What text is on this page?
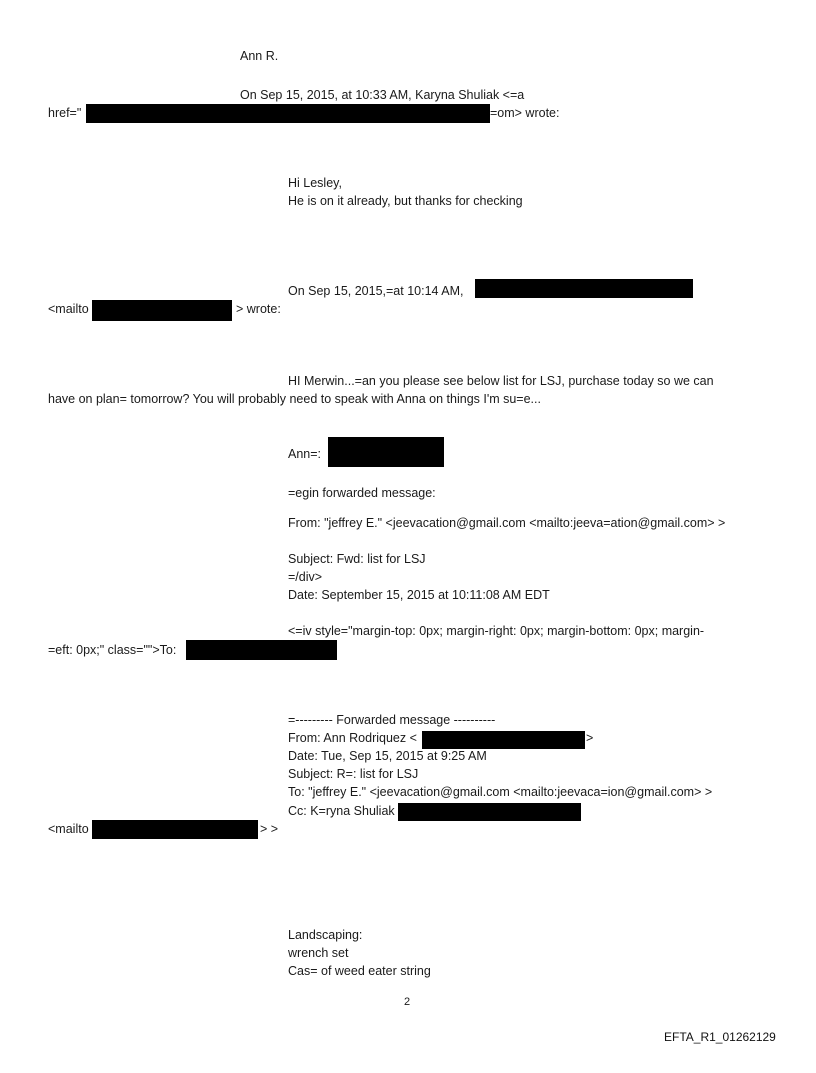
Ann R.
On Sep 15, 2015, at 10:33 AM, Karyna Shuliak <=a
href="	=om> wrote:
Hi Lesley,
He is on it already, but thanks for checking
On Sep 15, 2015,=at 10:14 AM,
<mailto	> wrote:
HI Merwin...=an you please see below list for LSJ, purchase today so we can
have on plan= tomorrow? You will probably need to speak with Anna on things I'm su=e...
Ann=:
=egin forwarded message:
From: "jeffrey E." <jeevacation@gmail.com <mailto:jeeva=ation@gmail.com> >
Subject: Fwd: list for LSJ
=/div>
Date: September 15, 2015 at 10:11:08 AM EDT
<=iv style="margin-top: 0px; margin-right: 0px; margin-bottom: 0px; margin-
=eft: 0px;" class="">To:
=--------- Forwarded message ----------
From: Ann Rodriquez <	>
Date: Tue, Sep 15, 2015 at 9:25 AM
Subject: R=: list for LSJ
To: "jeffrey E." <jeevacation@gmail.com <mailto:jeevaca=ion@gmail.com> >
Cc: K=ryna Shuliak
<mailto	> >
Landscaping:
wrench set
Cas= of weed eater string
2
EFTA_R1_01262129
